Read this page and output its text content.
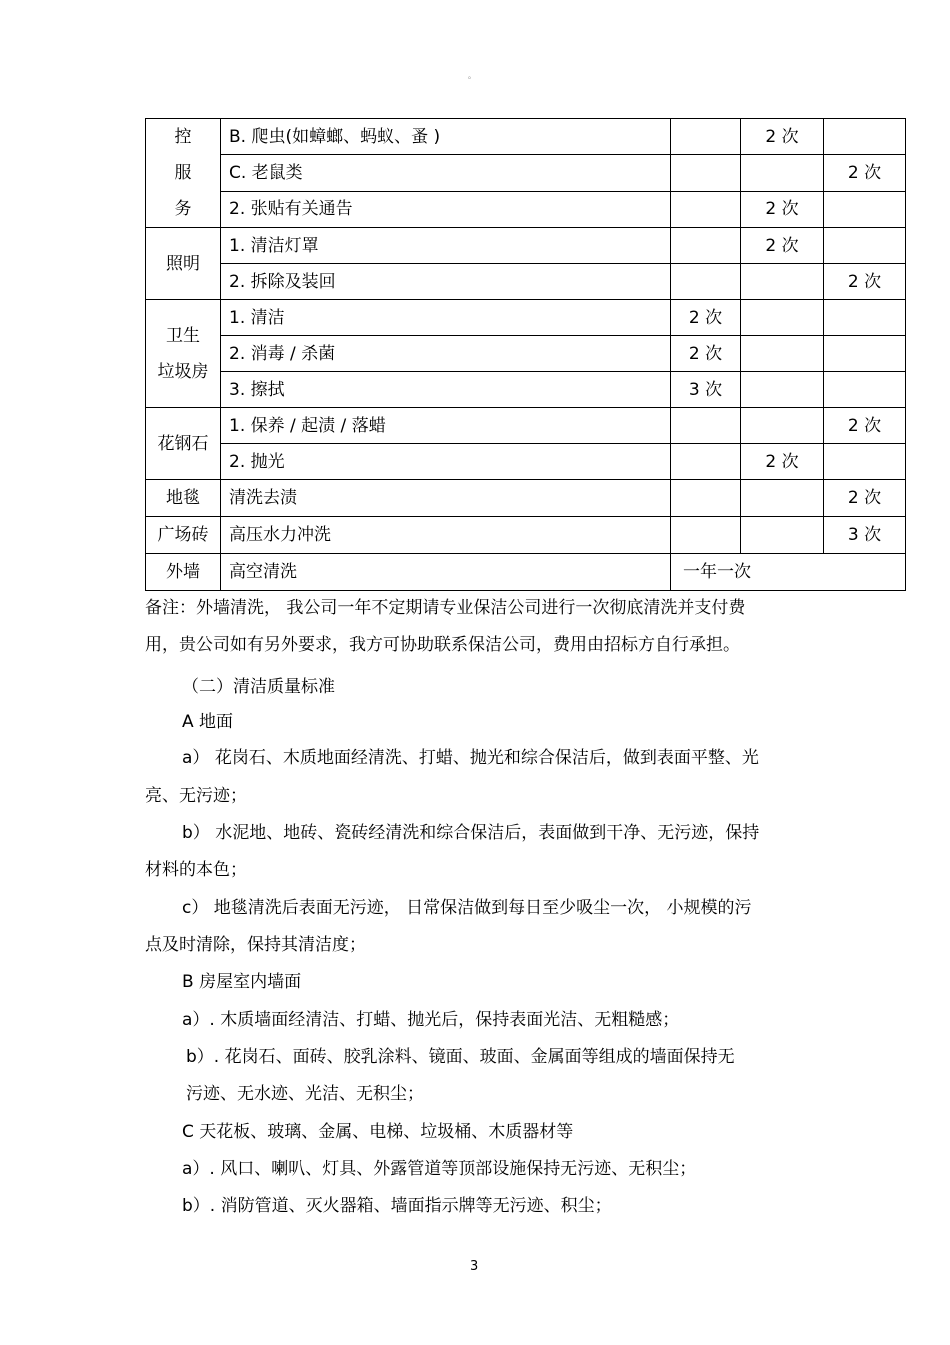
。
控
服
务	B. 爬虫(如蟑螂、蚂蚁、蚤 )		2 次	
	C. 老鼠类			2 次
	2. 张贴有关通告		2 次	
照明	1. 清洁灯罩		2 次	
	2. 拆除及装回			2 次
卫生
垃圾房	1. 清洁	2 次		
	2. 消毒 / 杀菌	2 次		
	3. 擦拭	3 次		
花钢石	1. 保养 / 起渍 / 落蜡			2 次
	2. 抛光		2 次	
地毯	清洗去渍			2 次
广场砖	高压水力冲洗			3 次
外墙	高空清洗	一年一次		
备注：外墙清洗， 我公司一年不定期请专业保洁公司进行一次彻底清洗并支付费
用，贵公司如有另外要求，我方可协助联系保洁公司，费用由招标方自行承担。
（二）清洁质量标准
A 地面
a） 花岗石、木质地面经清洗、打蜡、抛光和综合保洁后，做到表面平整、光
亮、无污迹；
b） 水泥地、地砖、瓷砖经清洗和综合保洁后，表面做到干净、无污迹，保持
材料的本色；
c） 地毯清洗后表面无污迹， 日常保洁做到每日至少吸尘一次， 小规模的污
点及时清除，保持其清洁度；
B 房屋室内墙面
a）. 木质墙面经清洁、打蜡、抛光后，保持表面光洁、无粗糙感；
b）. 花岗石、面砖、胶乳涂料、镜面、玻面、金属面等组成的墙面保持无
污迹、无水迹、光洁、无积尘；
C 天花板、玻璃、金属、电梯、垃圾桶、木质器材等
a）. 风口、喇叭、灯具、外露管道等顶部设施保持无污迹、无积尘；
b）. 消防管道、灭火器箱、墙面指示牌等无污迹、积尘；
3
